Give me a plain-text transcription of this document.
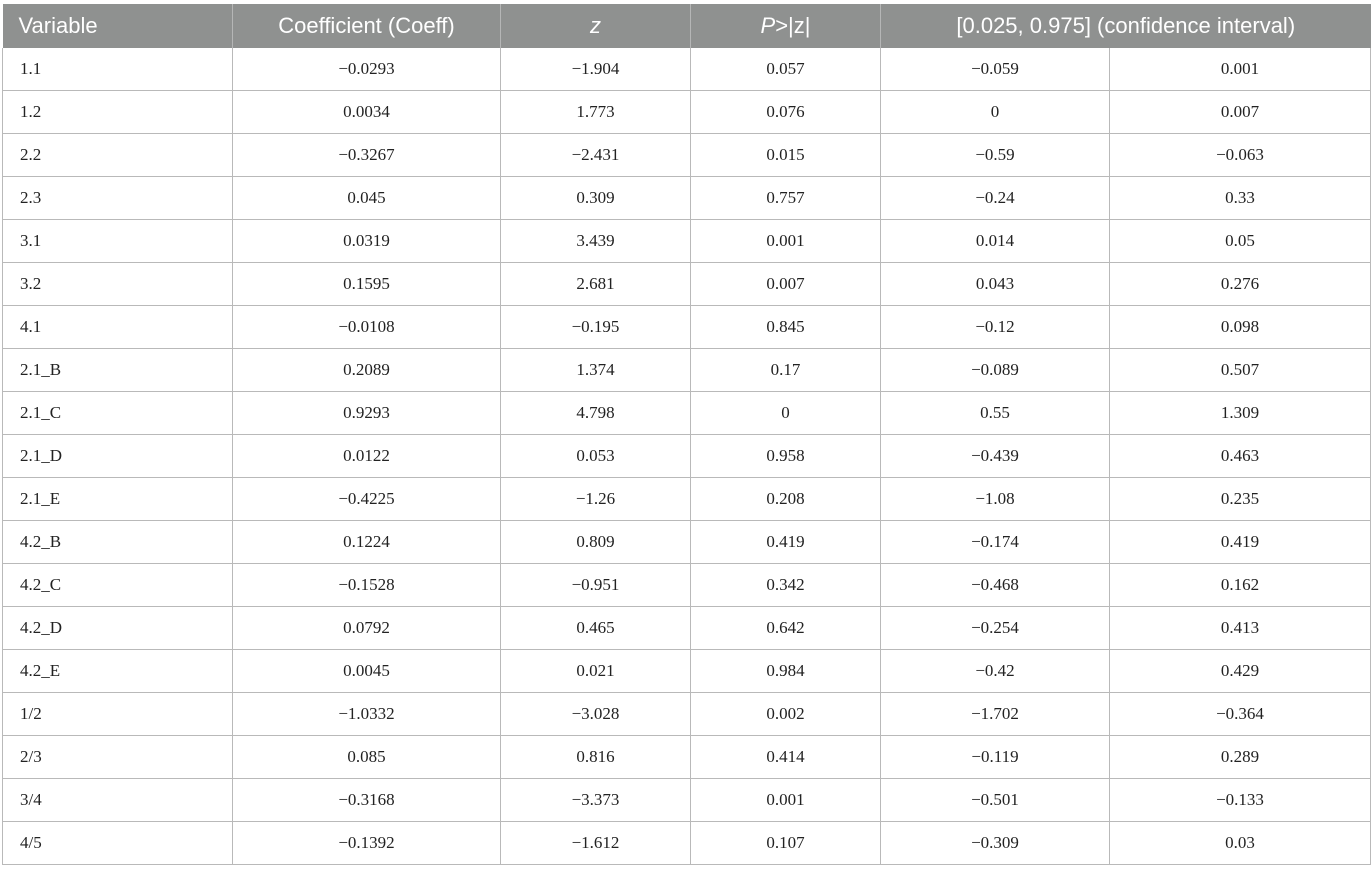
Variable	Coefficient (Coeff)	z	P>|z|	[0.025, 0.975] (confidence interval)	
1.1	−0.0293	−1.904	0.057	−0.059	0.001
1.2	0.0034	1.773	0.076	0	0.007
2.2	−0.3267	−2.431	0.015	−0.59	−0.063
2.3	0.045	0.309	0.757	−0.24	0.33
3.1	0.0319	3.439	0.001	0.014	0.05
3.2	0.1595	2.681	0.007	0.043	0.276
4.1	−0.0108	−0.195	0.845	−0.12	0.098
2.1_B	0.2089	1.374	0.17	−0.089	0.507
2.1_C	0.9293	4.798	0	0.55	1.309
2.1_D	0.0122	0.053	0.958	−0.439	0.463
2.1_E	−0.4225	−1.26	0.208	−1.08	0.235
4.2_B	0.1224	0.809	0.419	−0.174	0.419
4.2_C	−0.1528	−0.951	0.342	−0.468	0.162
4.2_D	0.0792	0.465	0.642	−0.254	0.413
4.2_E	0.0045	0.021	0.984	−0.42	0.429
1/2	−1.0332	−3.028	0.002	−1.702	−0.364
2/3	0.085	0.816	0.414	−0.119	0.289
3/4	−0.3168	−3.373	0.001	−0.501	−0.133
4/5	−0.1392	−1.612	0.107	−0.309	0.03
